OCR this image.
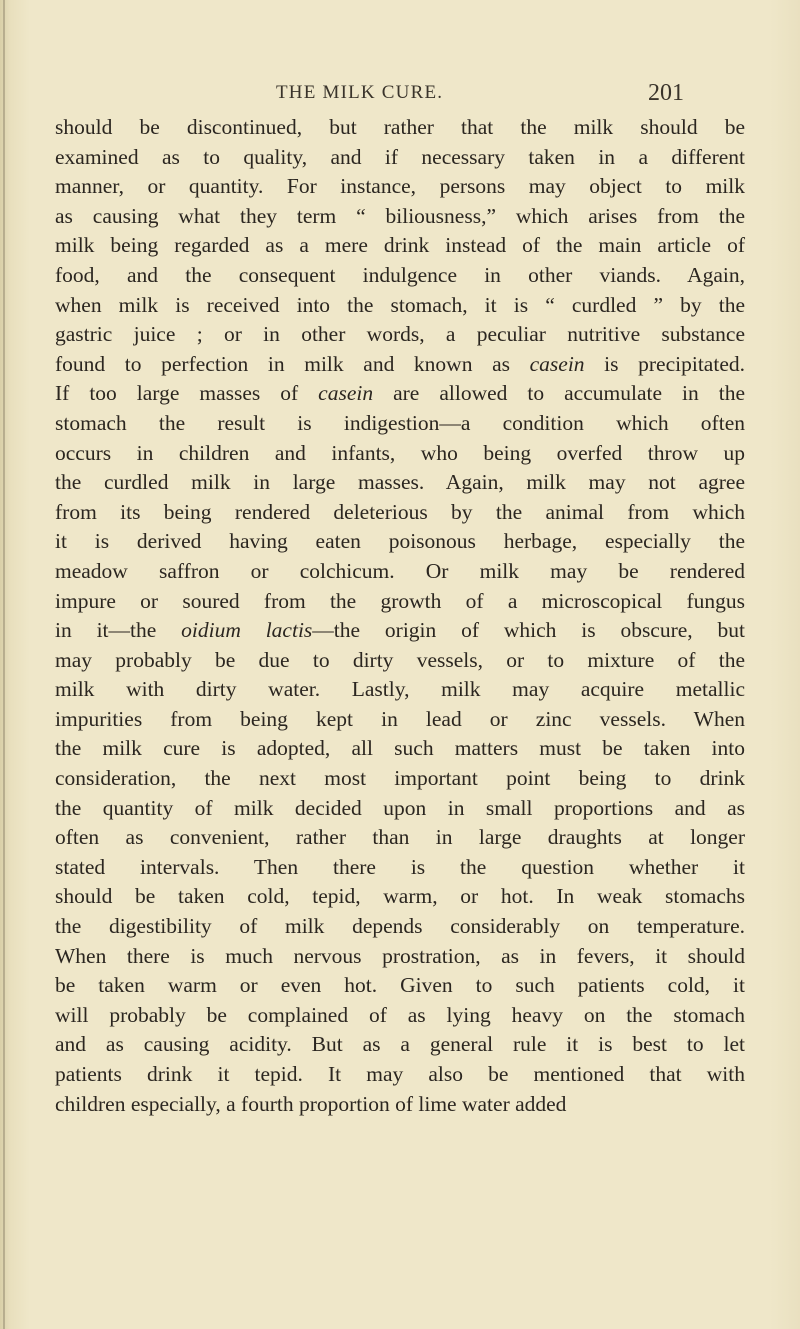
THE MILK CURE.	201
should be discontinued, but rather that the milk should be
examined as to quality, and if necessary taken in a different
manner, or quantity. For instance, persons may object to milk
as causing what they term “ biliousness,” which arises from the
milk being regarded as a mere drink instead of the main article of
food, and the consequent indulgence in other viands. Again,
when milk is received into the stomach, it is “ curdled ” by the
gastric juice ; or in other words, a peculiar nutritive substance
found to perfection in milk and known as casein is precipitated.
If too large masses of casein are allowed to accumulate in the
stomach the result is indigestion—a condition which often
occurs in children and infants, who being overfed throw up
the curdled milk in large masses. Again, milk may not agree
from its being rendered deleterious by the animal from which
it is derived having eaten poisonous herbage, especially the
meadow saffron or colchicum. Or milk may be rendered
impure or soured from the growth of a microscopical fungus
in it—the oidium lactis—the origin of which is obscure, but
may probably be due to dirty vessels, or to mixture of the
milk with dirty water. Lastly, milk may acquire metallic
impurities from being kept in lead or zinc vessels. When
the milk cure is adopted, all such matters must be taken into
consideration, the next most important point being to drink
the quantity of milk decided upon in small proportions and as
often as convenient, rather than in large draughts at longer
stated intervals. Then there is the question whether it
should be taken cold, tepid, warm, or hot. In weak stomachs
the digestibility of milk depends considerably on temperature.
When there is much nervous prostration, as in fevers, it should
be taken warm or even hot. Given to such patients cold, it
will probably be complained of as lying heavy on the stomach
and as causing acidity. But as a general rule it is best to let
patients drink it tepid. It may also be mentioned that with
children especially, a fourth proportion of lime water added
